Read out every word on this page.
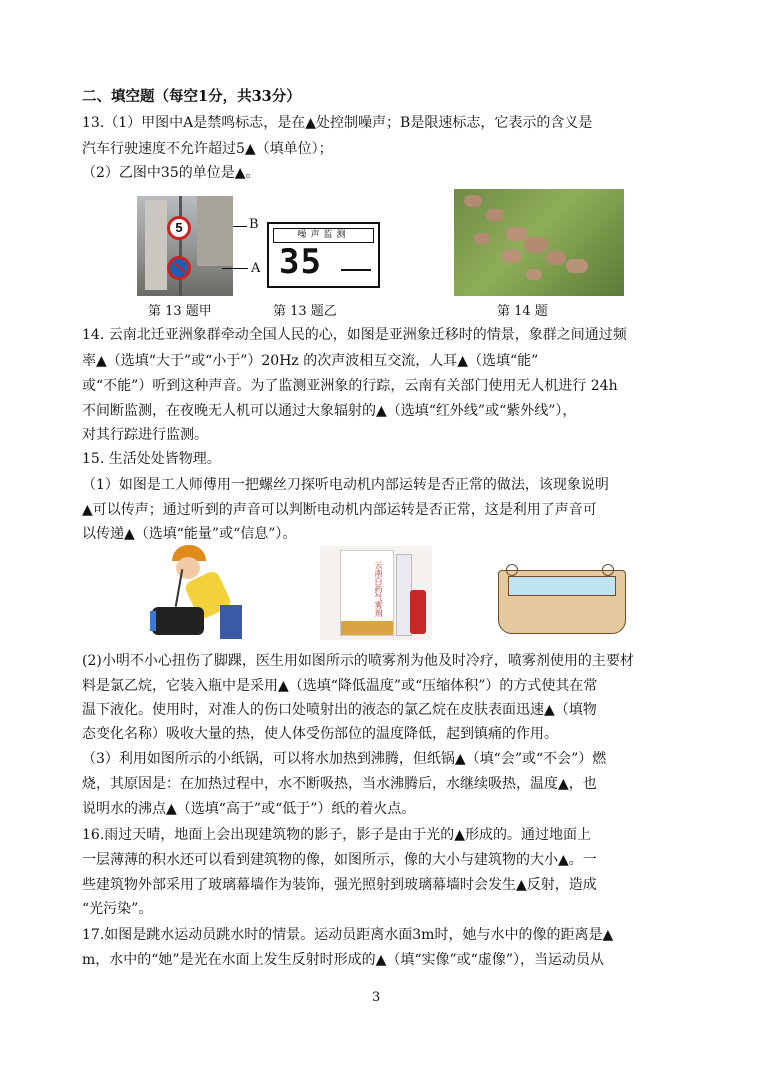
二、填空题（每空1分，共33分）
13.（1）甲图中A是禁鸣标志，是在▲处控制噪声；B是限速标志，它表示的含义是
汽车行驶速度不允许超过5▲（填单位）；
（2）乙图中35的单位是▲。
5	B
A
噪声监测
35
第 13 题甲	第 13 题乙	第 14 题
14. 云南北迁亚洲象群牵动全国人民的心，如图是亚洲象迁移时的情景，象群之间通过频
率▲（选填“大于”或“小于”）20Hz 的次声波相互交流，人耳▲（选填“能”
或“不能”）听到这种声音。为了监测亚洲象的行踪，云南有关部门使用无人机进行 24h
不间断监测，在夜晚无人机可以通过大象辐射的▲（选填“红外线”或“紫外线”），
对其行踪进行监测。
15. 生活处处皆物理。
（1）如图是工人师傅用一把螺丝刀探听电动机内部运转是否正常的做法，该现象说明
▲可以传声；通过听到的声音可以判断电动机内部运转是否正常，这是利用了声音可
以传递▲（选填“能量”或“信息”）。
云南白药气雾剂
(2)小明不小心扭伤了脚踝，医生用如图所示的喷雾剂为他及时冷疗，喷雾剂使用的主要材
料是氯乙烷，它装入瓶中是采用▲（选填“降低温度”或“压缩体积”）的方式使其在常
温下液化。使用时，对准人的伤口处喷射出的液态的氯乙烷在皮肤表面迅速▲（填物
态变化名称）吸收大量的热，使人体受伤部位的温度降低，起到镇痛的作用。
（3）利用如图所示的小纸锅，可以将水加热到沸腾，但纸锅▲（填“会”或“不会”）燃
烧，其原因是：在加热过程中，水不断吸热，当水沸腾后，水继续吸热，温度▲，也
说明水的沸点▲（选填“高于”或“低于”）纸的着火点。
16.雨过天晴，地面上会出现建筑物的影子，影子是由于光的▲形成的。通过地面上
一层薄薄的积水还可以看到建筑物的像，如图所示，像的大小与建筑物的大小▲。一
些建筑物外部采用了玻璃幕墙作为装饰，强光照射到玻璃幕墙时会发生▲反射，造成
“光污染”。
17.如图是跳水运动员跳水时的情景。运动员距离水面3m时，她与水中的像的距离是▲
m，水中的“她”是光在水面上发生反射时形成的▲（填“实像”或“虚像”），当运动员从
3
